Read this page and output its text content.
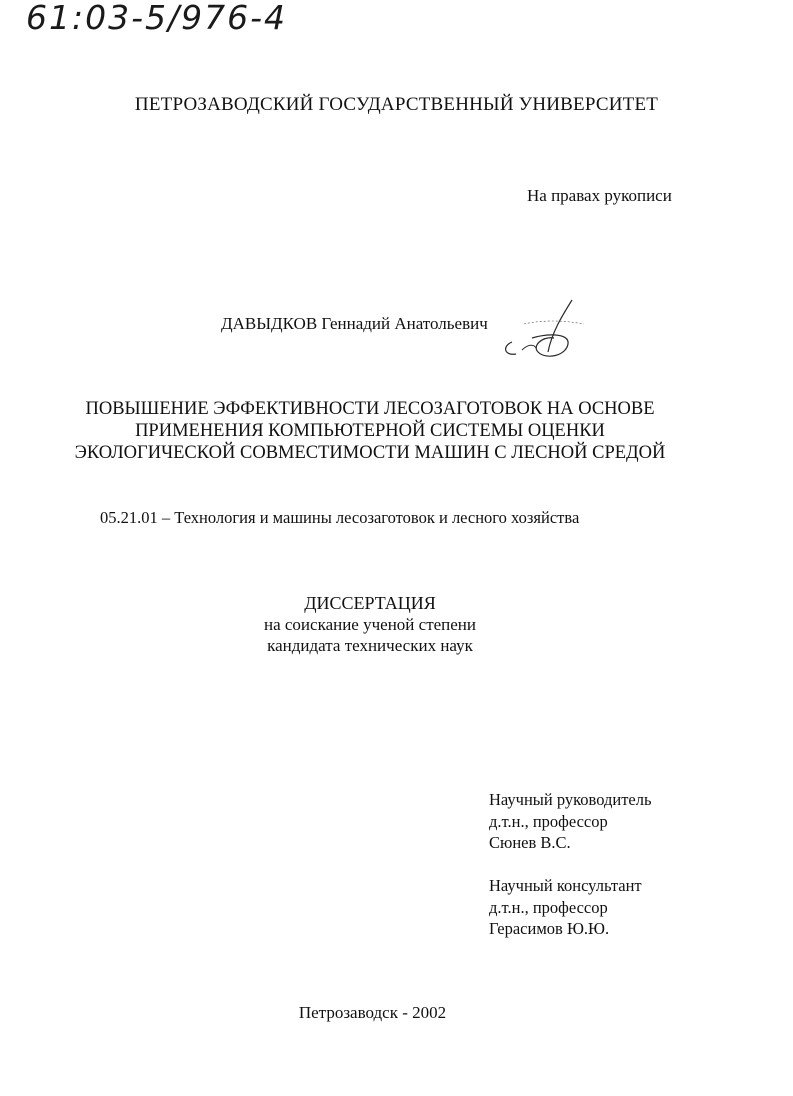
61:03-5/976-4
ПЕТРОЗАВОДСКИЙ ГОСУДАРСТВЕННЫЙ УНИВЕРСИТЕТ
На правах рукописи
ДАВЫДКОВ Геннадий Анатольевич
ПОВЫШЕНИЕ ЭФФЕКТИВНОСТИ ЛЕСОЗАГОТОВОК НА ОСНОВЕ
ПРИМЕНЕНИЯ КОМПЬЮТЕРНОЙ СИСТЕМЫ ОЦЕНКИ
ЭКОЛОГИЧЕСКОЙ СОВМЕСТИМОСТИ МАШИН С ЛЕСНОЙ СРЕДОЙ
05.21.01 – Технология и машины лесозаготовок и лесного хозяйства
ДИССЕРТАЦИЯ
на соискание ученой степени
кандидата технических наук
Научный руководитель
д.т.н., профессор
Сюнев В.С.
Научный консультант
д.т.н., профессор
Герасимов Ю.Ю.
Петрозаводск - 2002
